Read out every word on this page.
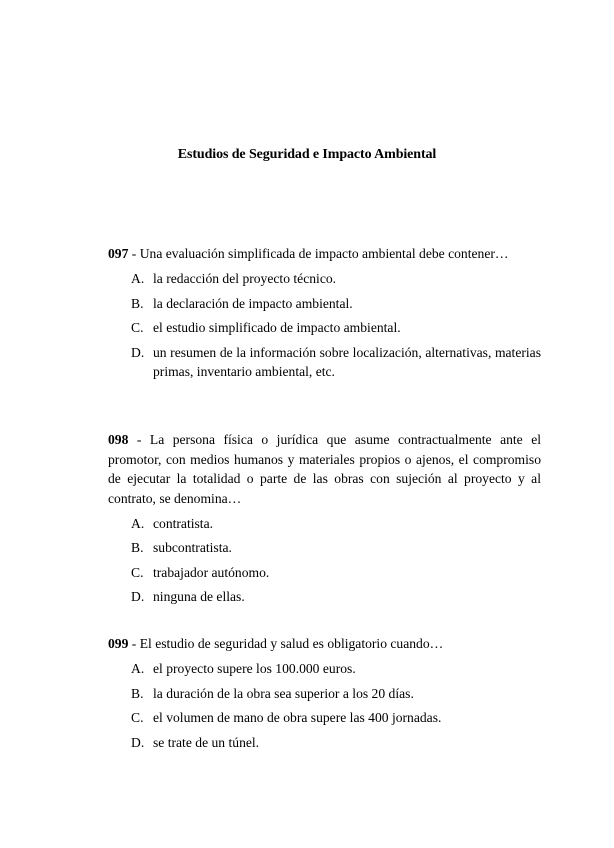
Estudios de Seguridad e Impacto Ambiental
097 - Una evaluación simplificada de impacto ambiental debe contener…
A. la redacción del proyecto técnico.
B. la declaración de impacto ambiental.
C. el estudio simplificado de impacto ambiental.
D. un resumen de la información sobre localización, alternativas, materias primas, inventario ambiental, etc.
098 - La persona física o jurídica que asume contractualmente ante el promotor, con medios humanos y materiales propios o ajenos, el compromiso de ejecutar la totalidad o parte de las obras con sujeción al proyecto y al contrato, se denomina…
A. contratista.
B. subcontratista.
C. trabajador autónomo.
D. ninguna de ellas.
099 - El estudio de seguridad y salud es obligatorio cuando…
A. el proyecto supere los 100.000 euros.
B. la duración de la obra sea superior a los 20 días.
C. el volumen de mano de obra supere las 400 jornadas.
D. se trate de un túnel.
